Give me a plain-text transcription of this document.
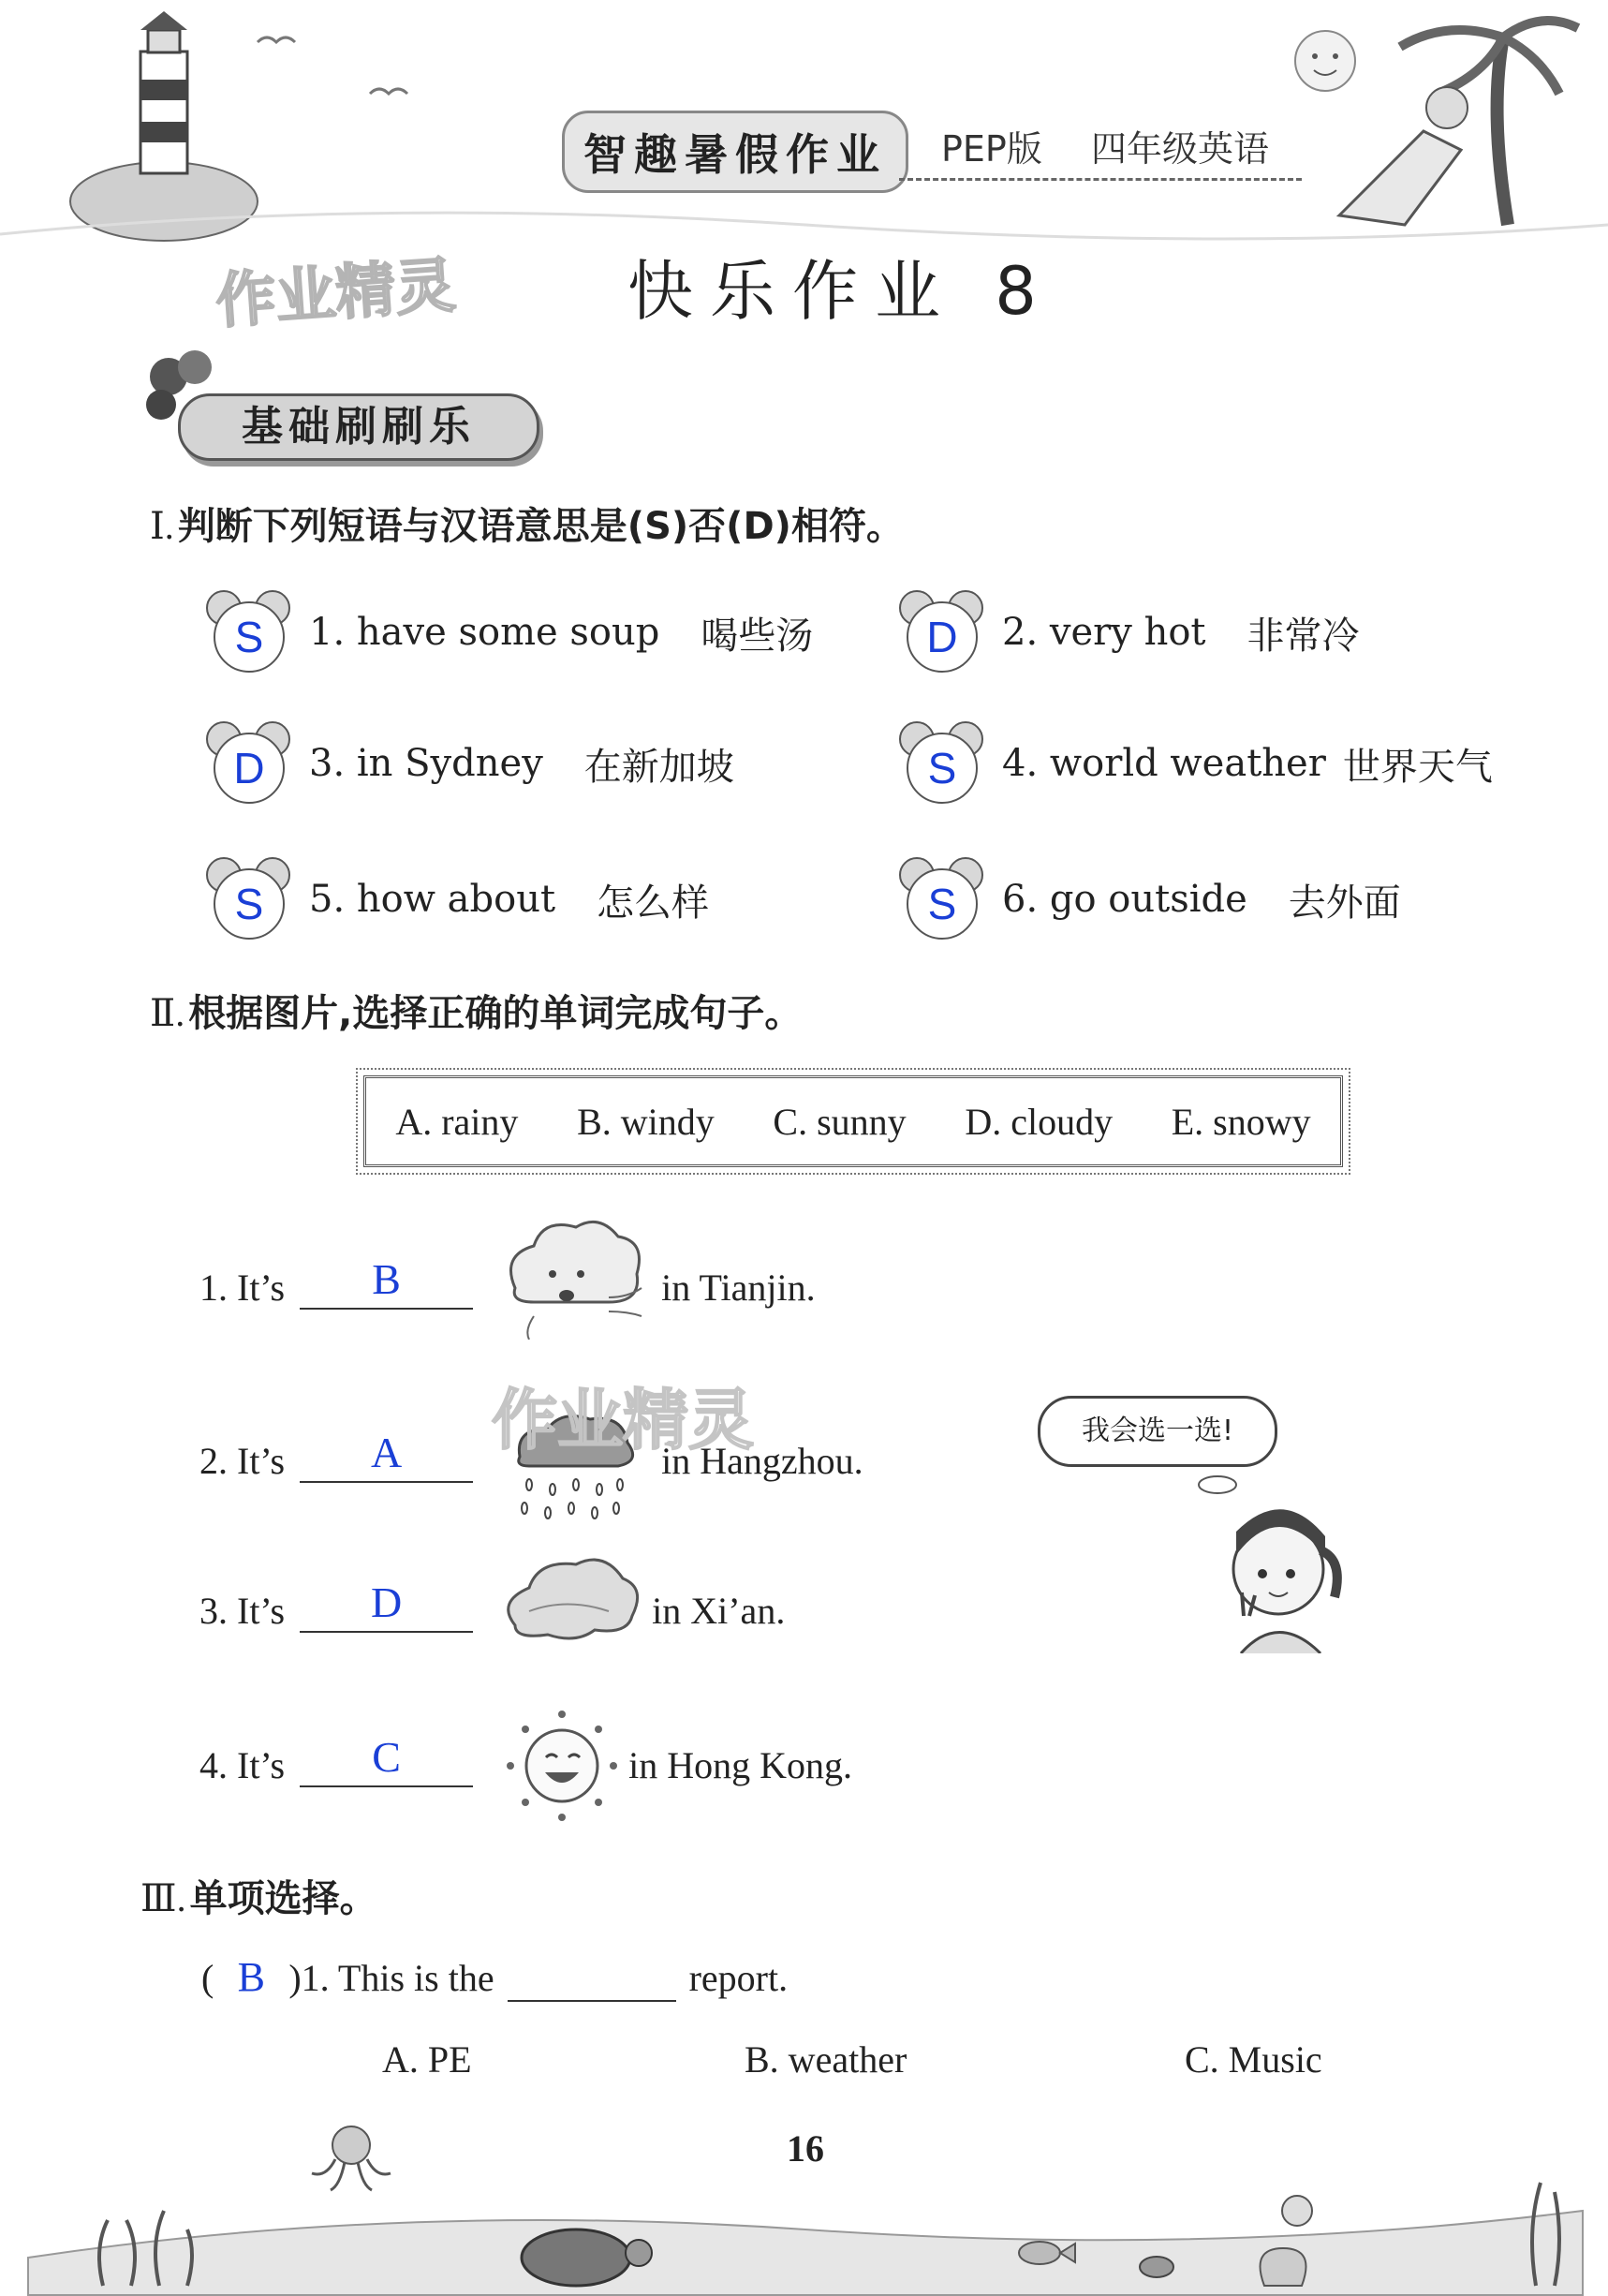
智趣暑假作业	PEP版 四年级英语
作业精灵	快乐作业 8
基础刷刷乐
Ⅰ. 判断下列短语与汉语意思是(S)否(D)相符。
S	1. have some soup 喝些汤	D	2. very hot 非常冷
D	3. in Sydney 在新加坡	S	4. world weather 世界天气
S	5. how about 怎么样	S	6. go outside 去外面
Ⅱ. 根据图片,选择正确的单词完成句子。
A. rainy B. windy C. sunny D. cloudy E. snowy
1. It’s	B	in Tianjin.
2. It’s	A	in Hangzhou.
作业精灵
3. It’s	D	in Xi’an.
4. It’s	C	in Hong Kong.
我会选一选!
Ⅲ. 单项选择。
( B )1. This is the	report.
A. PE	B. weather	C. Music
16
